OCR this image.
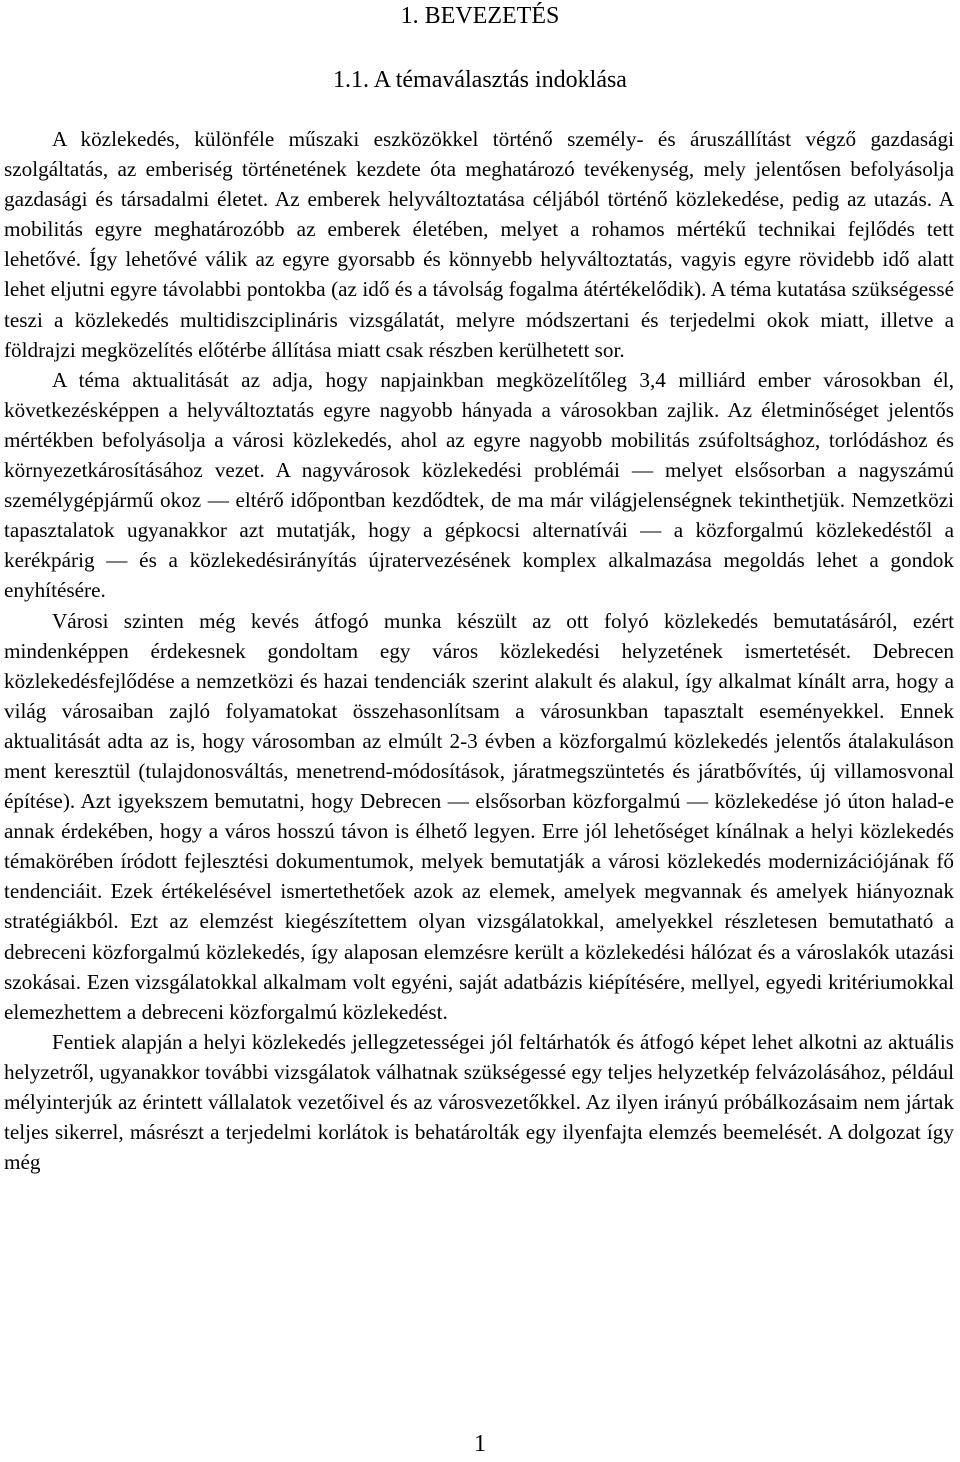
1. BEVEZETÉS
1.1. A témaválasztás indoklása

A közlekedés, különféle műszaki eszközökkel történő személy- és áruszállítást végző gazdasági szolgáltatás, az emberiség történetének kezdete óta meghatározó tevékenység, mely jelentősen befolyásolja gazdasági és társadalmi életet. Az emberek helyváltoztatása céljából történő közlekedése, pedig az utazás. A mobilitás egyre meghatározóbb az emberek életében, melyet a rohamos mértékű technikai fejlődés tett lehetővé. Így lehetővé válik az egyre gyorsabb és könnyebb helyváltoztatás, vagyis egyre rövidebb idő alatt lehet eljutni egyre távolabbi pontokba (az idő és a távolság fogalma átértékelődik). A téma kutatása szükségessé teszi a közlekedés multidiszciplináris vizsgálatát, melyre módszertani és terjedelmi okok miatt, illetve a földrajzi megközelítés előtérbe állítása miatt csak részben kerülhetett sor.

A téma aktualitását az adja, hogy napjainkban megközelítőleg 3,4 milliárd ember városokban él, következésképpen a helyváltoztatás egyre nagyobb hányada a városokban zajlik. Az életminőséget jelentős mértékben befolyásolja a városi közlekedés, ahol az egyre nagyobb mobilitás zsúfoltsághoz, torlódáshoz és környezetkárosításához vezet. A nagyvárosok közlekedési problémái — melyet elsősorban a nagyszámú személygépjármű okoz — eltérő időpontban kezdődtek, de ma már világjelenségnek tekinthetjük. Nemzetközi tapasztalatok ugyanakkor azt mutatják, hogy a gépkocsi alternatívái — a közforgalmú közlekedéstől a kerékpárig — és a közlekedésirányítás újratervezésének komplex alkalmazása megoldás lehet a gondok enyhítésére.

Városi szinten még kevés átfogó munka készült az ott folyó közlekedés bemutatásáról, ezért mindenképpen érdekesnek gondoltam egy város közlekedési helyzetének ismertetését. Debrecen közlekedésfejlődése a nemzetközi és hazai tendenciák szerint alakult és alakul, így alkalmat kínált arra, hogy a világ városaiban zajló folyamatokat összehasonlítsam a városunkban tapasztalt eseményekkel. Ennek aktualitását adta az is, hogy városomban az elmúlt 2-3 évben a közforgalmú közlekedés jelentős átalakuláson ment keresztül (tulajdonosváltás, menetrend-módosítások, járatmegszüntetés és járatbővítés, új villamosvonal építése). Azt igyekszem bemutatni, hogy Debrecen — elsősorban közforgalmú — közlekedése jó úton halad-e annak érdekében, hogy a város hosszú távon is élhető legyen. Erre jól lehetőséget kínálnak a helyi közlekedés témakörében íródott fejlesztési dokumentumok, melyek bemutatják a városi közlekedés modernizációjának fő tendenciáit. Ezek értékelésével ismertethetőek azok az elemek, amelyek megvannak és amelyek hiányoznak stratégiákból. Ezt az elemzést kiegészítettem olyan vizsgálatokkal, amelyekkel részletesen bemutatható a debreceni közforgalmú közlekedés, így alaposan elemzésre került a közlekedési hálózat és a városlakók utazási szokásai. Ezen vizsgálatokkal alkalmam volt egyéni, saját adatbázis kiépítésére, mellyel, egyedi kritériumokkal elemezhettem a debreceni közforgalmú közlekedést.

Fentiek alapján a helyi közlekedés jellegzetességei jól feltárhatók és átfogó képet lehet alkotni az aktuális helyzetről, ugyanakkor további vizsgálatok válhatnak szükségessé egy teljes helyzetkép felvázolásához, például mélyinterjúk az érintett vállalatok vezetőivel és az városvezetőkkel. Az ilyen irányú próbálkozásaim nem jártak teljes sikerrel, másrészt a terjedelmi korlátok is behatárolták egy ilyenfajta elemzés beemelését. A dolgozat így még

1
